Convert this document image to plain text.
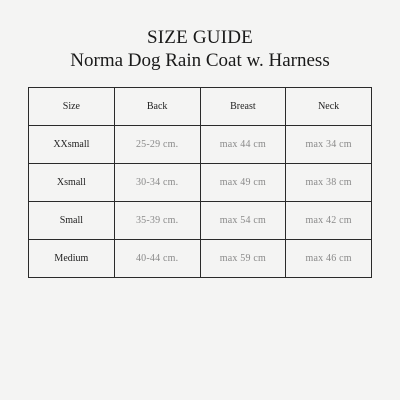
SIZE GUIDE
Norma Dog Rain Coat w. Harness
Size	Back	Breast	Neck
XXsmall	25-29 cm.	max 44 cm	max 34 cm
Xsmall	30-34 cm.	max 49 cm	max 38 cm
Small	35-39 cm.	max 54 cm	max 42 cm
Medium	40-44 cm.	max 59 cm	max 46 cm
